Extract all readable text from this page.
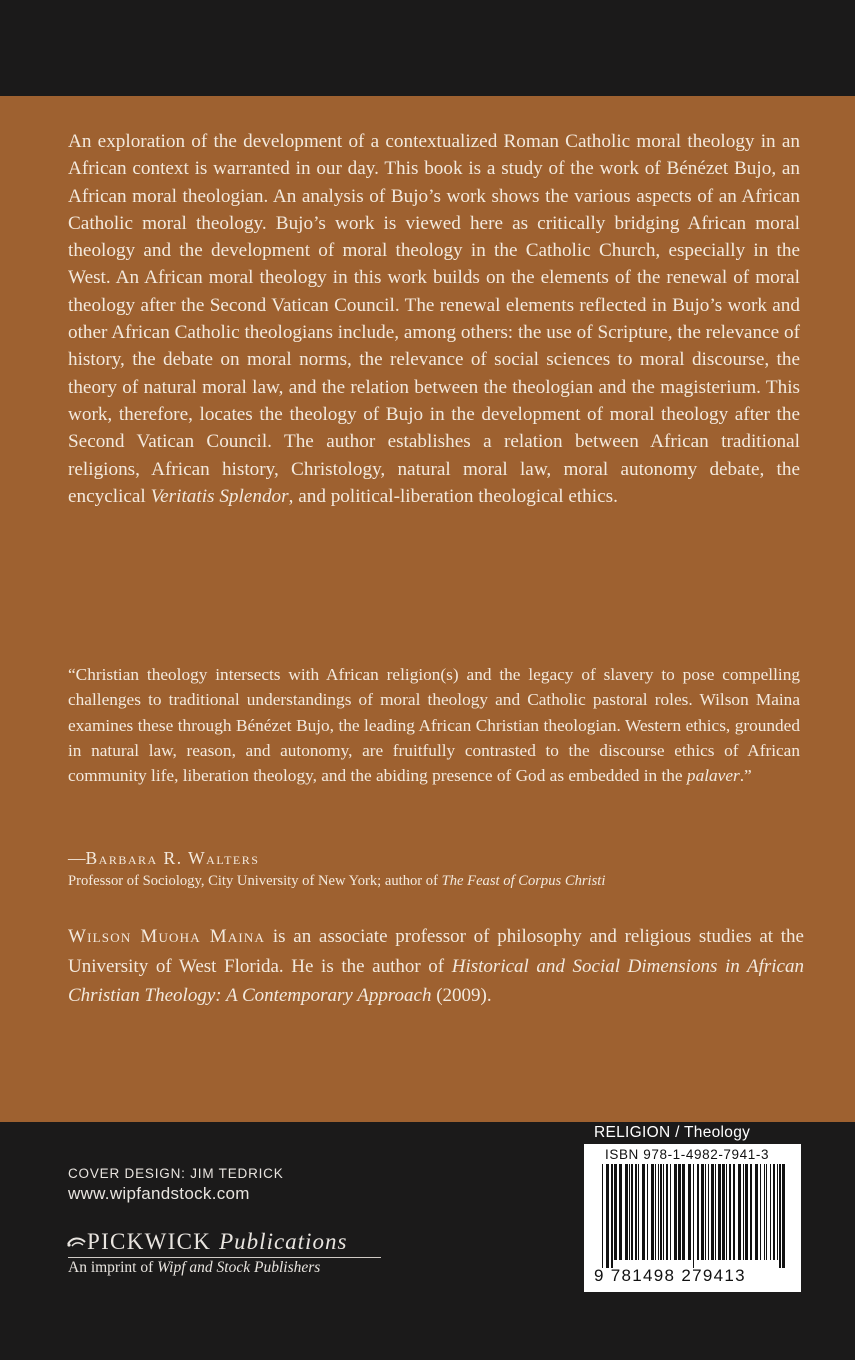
An exploration of the development of a contextualized Roman Catholic moral theology in an African context is warranted in our day. This book is a study of the work of Bénézet Bujo, an African moral theologian. An analysis of Bujo’s work shows the various aspects of an African Catholic moral theology. Bujo’s work is viewed here as critically bridging African moral theology and the development of moral theology in the Catholic Church, especially in the West. An African moral theology in this work builds on the elements of the renewal of moral theology after the Second Vatican Council. The renewal elements reflected in Bujo’s work and other African Catholic theologians include, among others: the use of Scripture, the relevance of history, the debate on moral norms, the relevance of social sciences to moral discourse, the theory of natural moral law, and the relation between the theologian and the magisterium. This work, therefore, locates the theology of Bujo in the development of moral theology after the Second Vatican Council. The author establishes a relation between African traditional religions, African history, Christology, natural moral law, moral autonomy debate, the encyclical Veritatis Splendor, and political-liberation theological ethics.

“Christian theology intersects with African religion(s) and the legacy of slavery to pose compelling challenges to traditional understandings of moral theology and Catholic pastoral roles. Wilson Maina examines these through Bénézet Bujo, the leading African Christian theologian. Western ethics, grounded in natural law, reason, and autonomy, are fruitfully contrasted to the discourse ethics of African community life, liberation theology, and the abiding presence of God as embedded in the palaver.”

—Barbara R. Walters
Professor of Sociology, City University of New York; author of The Feast of Corpus Christi

Wilson Muoha Maina is an associate professor of philosophy and religious studies at the University of West Florida. He is the author of Historical and Social Dimensions in African Christian Theology: A Contemporary Approach (2009).

COVER DESIGN: JIM TEDRICK
www.wipfandstock.com
PICKWICK Publications
An imprint of Wipf and Stock Publishers
RELIGION / Theology
ISBN 978-1-4982-7941-3
9 781498 279413
